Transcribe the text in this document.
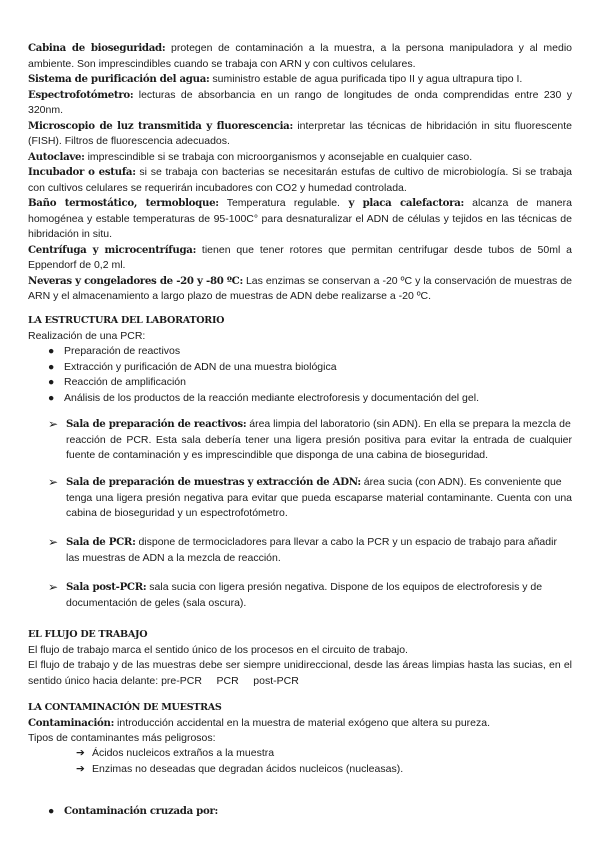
Cabina de bioseguridad: protegen de contaminación a la muestra, a la persona manipuladora y al medio ambiente. Son imprescindibles cuando se trabaja con ARN y con cultivos celulares.

Sistema de purificación del agua: suministro estable de agua purificada tipo II y agua ultrapura tipo I.

Espectrofotómetro: lecturas de absorbancia en un rango de longitudes de onda comprendidas entre 230 y 320nm.

Microscopio de luz transmitida y fluorescencia: interpretar las técnicas de hibridación in situ fluorescente (FISH). Filtros de fluorescencia adecuados.

Autoclave: imprescindible si se trabaja con microorganismos y aconsejable en cualquier caso.

Incubador o estufa: si se trabaja con bacterias se necesitarán estufas de cultivo de microbiología. Si se trabaja con cultivos celulares se requerirán incubadores con CO2 y humedad controlada.

Baño termostático, termobloque: Temperatura regulable. y placa calefactora: alcanza de manera homogénea y estable temperaturas de 95-100C° para desnaturalizar el ADN de células y tejidos en las técnicas de hibridación in situ.

Centrífuga y microcentrífuga: tienen que tener rotores que permitan centrifugar desde tubos de 50ml a Eppendorf de 0,2 ml.

Neveras y congeladores de -20 y -80 ºC: Las enzimas se conservan a -20 ºC y la conservación de muestras de ARN y el almacenamiento a largo plazo de muestras de ADN debe realizarse a -20 ºC.

LA ESTRUCTURA DEL LABORATORIO

Realización de una PCR:

● Preparación de reactivos
● Extracción y purificación de ADN de una muestra biológica
● Reacción de amplificación
● Análisis de los productos de la reacción mediante electroforesis y documentación del gel.
➢ Sala de preparación de reactivos: área limpia del laboratorio (sin ADN). En ella se prepara la mezcla de
reacción de PCR. Esta sala debería tener una ligera presión positiva para evitar la entrada de cualquier fuente de contaminación y es imprescindible que disponga de una cabina de bioseguridad.
➢ Sala de preparación de muestras y extracción de ADN: área sucia (con ADN). Es conveniente que
tenga una ligera presión negativa para evitar que pueda escaparse material contaminante. Cuenta con una cabina de bioseguridad y un espectrofotómetro.
➢ Sala de PCR: dispone de termocicladores para llevar a cabo la PCR y un espacio de trabajo para añadir
las muestras de ADN a la mezcla de reacción.
➢ Sala post-PCR: sala sucia con ligera presión negativa. Dispone de los equipos de electroforesis y de
documentación de geles (sala oscura).

EL FLUJO DE TRABAJO

El flujo de trabajo marca el sentido único de los procesos en el circuito de trabajo.

El flujo de trabajo y de las muestras debe ser siempre unidireccional, desde las áreas limpias hasta las sucias, en el sentido único hacia delante: pre-PCR     PCR     post-PCR

LA CONTAMINACIÓN DE MUESTRAS

Contaminación: introducción accidental en la muestra de material exógeno que altera su pureza.

Tipos de contaminantes más peligrosos:

➔ Ácidos nucleicos extraños a la muestra
➔ Enzimas no deseadas que degradan ácidos nucleicos (nucleasas).
● Contaminación cruzada por:
